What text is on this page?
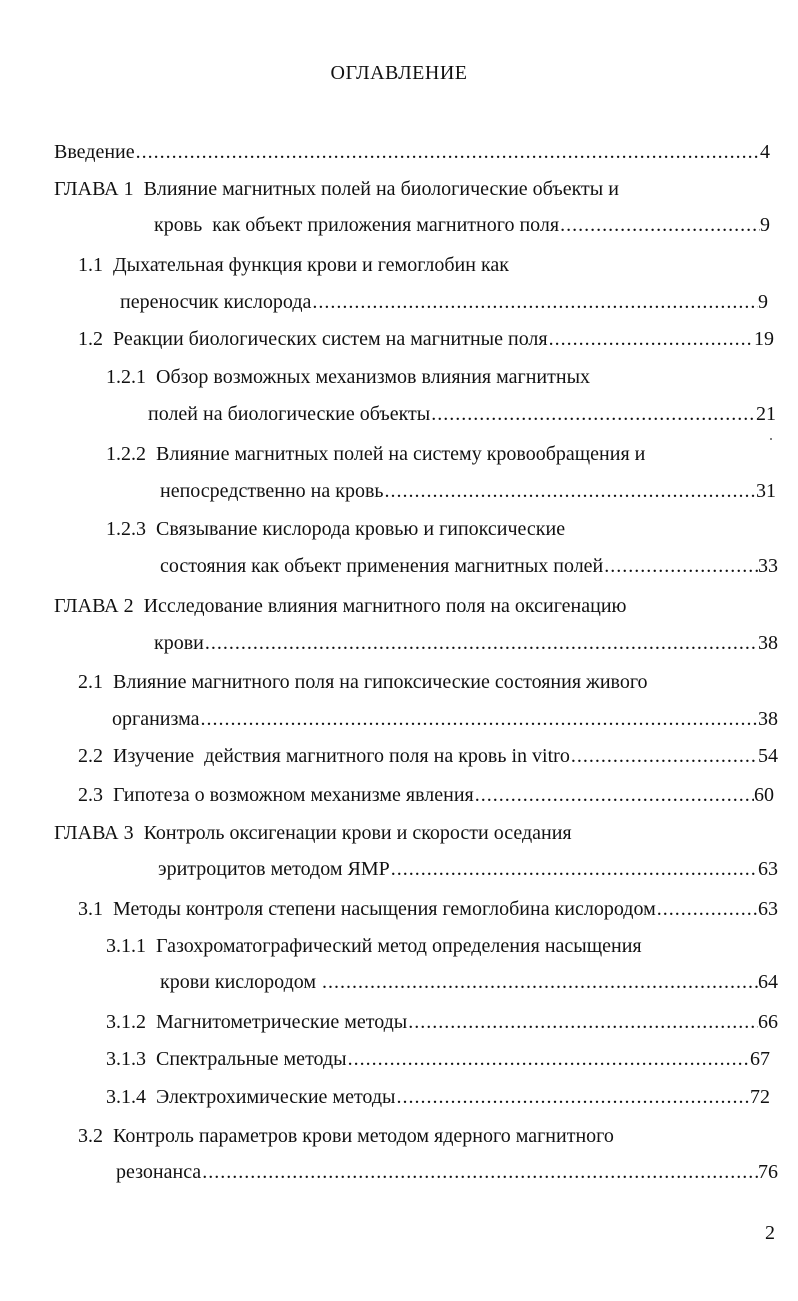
ОГЛАВЛЕНИЕ
Введение .....	4
ГЛАВА 1  Влияние магнитных полей на биологические объекты и
кровь  как объект приложения магнитного поля .....	9
1.1  Дыхательная функция крови и гемоглобин как
переносчик кислорода .....	9
1.2  Реакции биологических систем на магнитные поля .....	19
1.2.1  Обзор возможных механизмов влияния магнитных
полей на биологические объекты .....	21
1.2.2  Влияние магнитных полей на систему кровообращения и
непосредственно на кровь .....	31
1.2.3  Связывание кислорода кровью и гипоксические
состояния как объект применения магнитных полей .....	33
ГЛАВА 2  Исследование влияния магнитного поля на оксигенацию
крови .....	38
2.1  Влияние магнитного поля на гипоксические состояния живого
организма .....	38
2.2  Изучение  действия магнитного поля на кровь in vitro .....	54
2.3  Гипотеза о возможном механизме явления .....	60
ГЛАВА 3  Контроль оксигенации крови и скорости оседания
эритроцитов методом ЯМР .....	63
3.1  Методы контроля степени насыщения гемоглобина кислородом .....	63
3.1.1  Газохроматографический метод определения насыщения
крови кислородом .....	64
3.1.2  Магнитометрические методы .....	66
3.1.3  Спектральные методы .....	67
3.1.4  Электрохимические методы .....	72
3.2  Контроль параметров крови методом ядерного магнитного
резонанса .....	76
2
